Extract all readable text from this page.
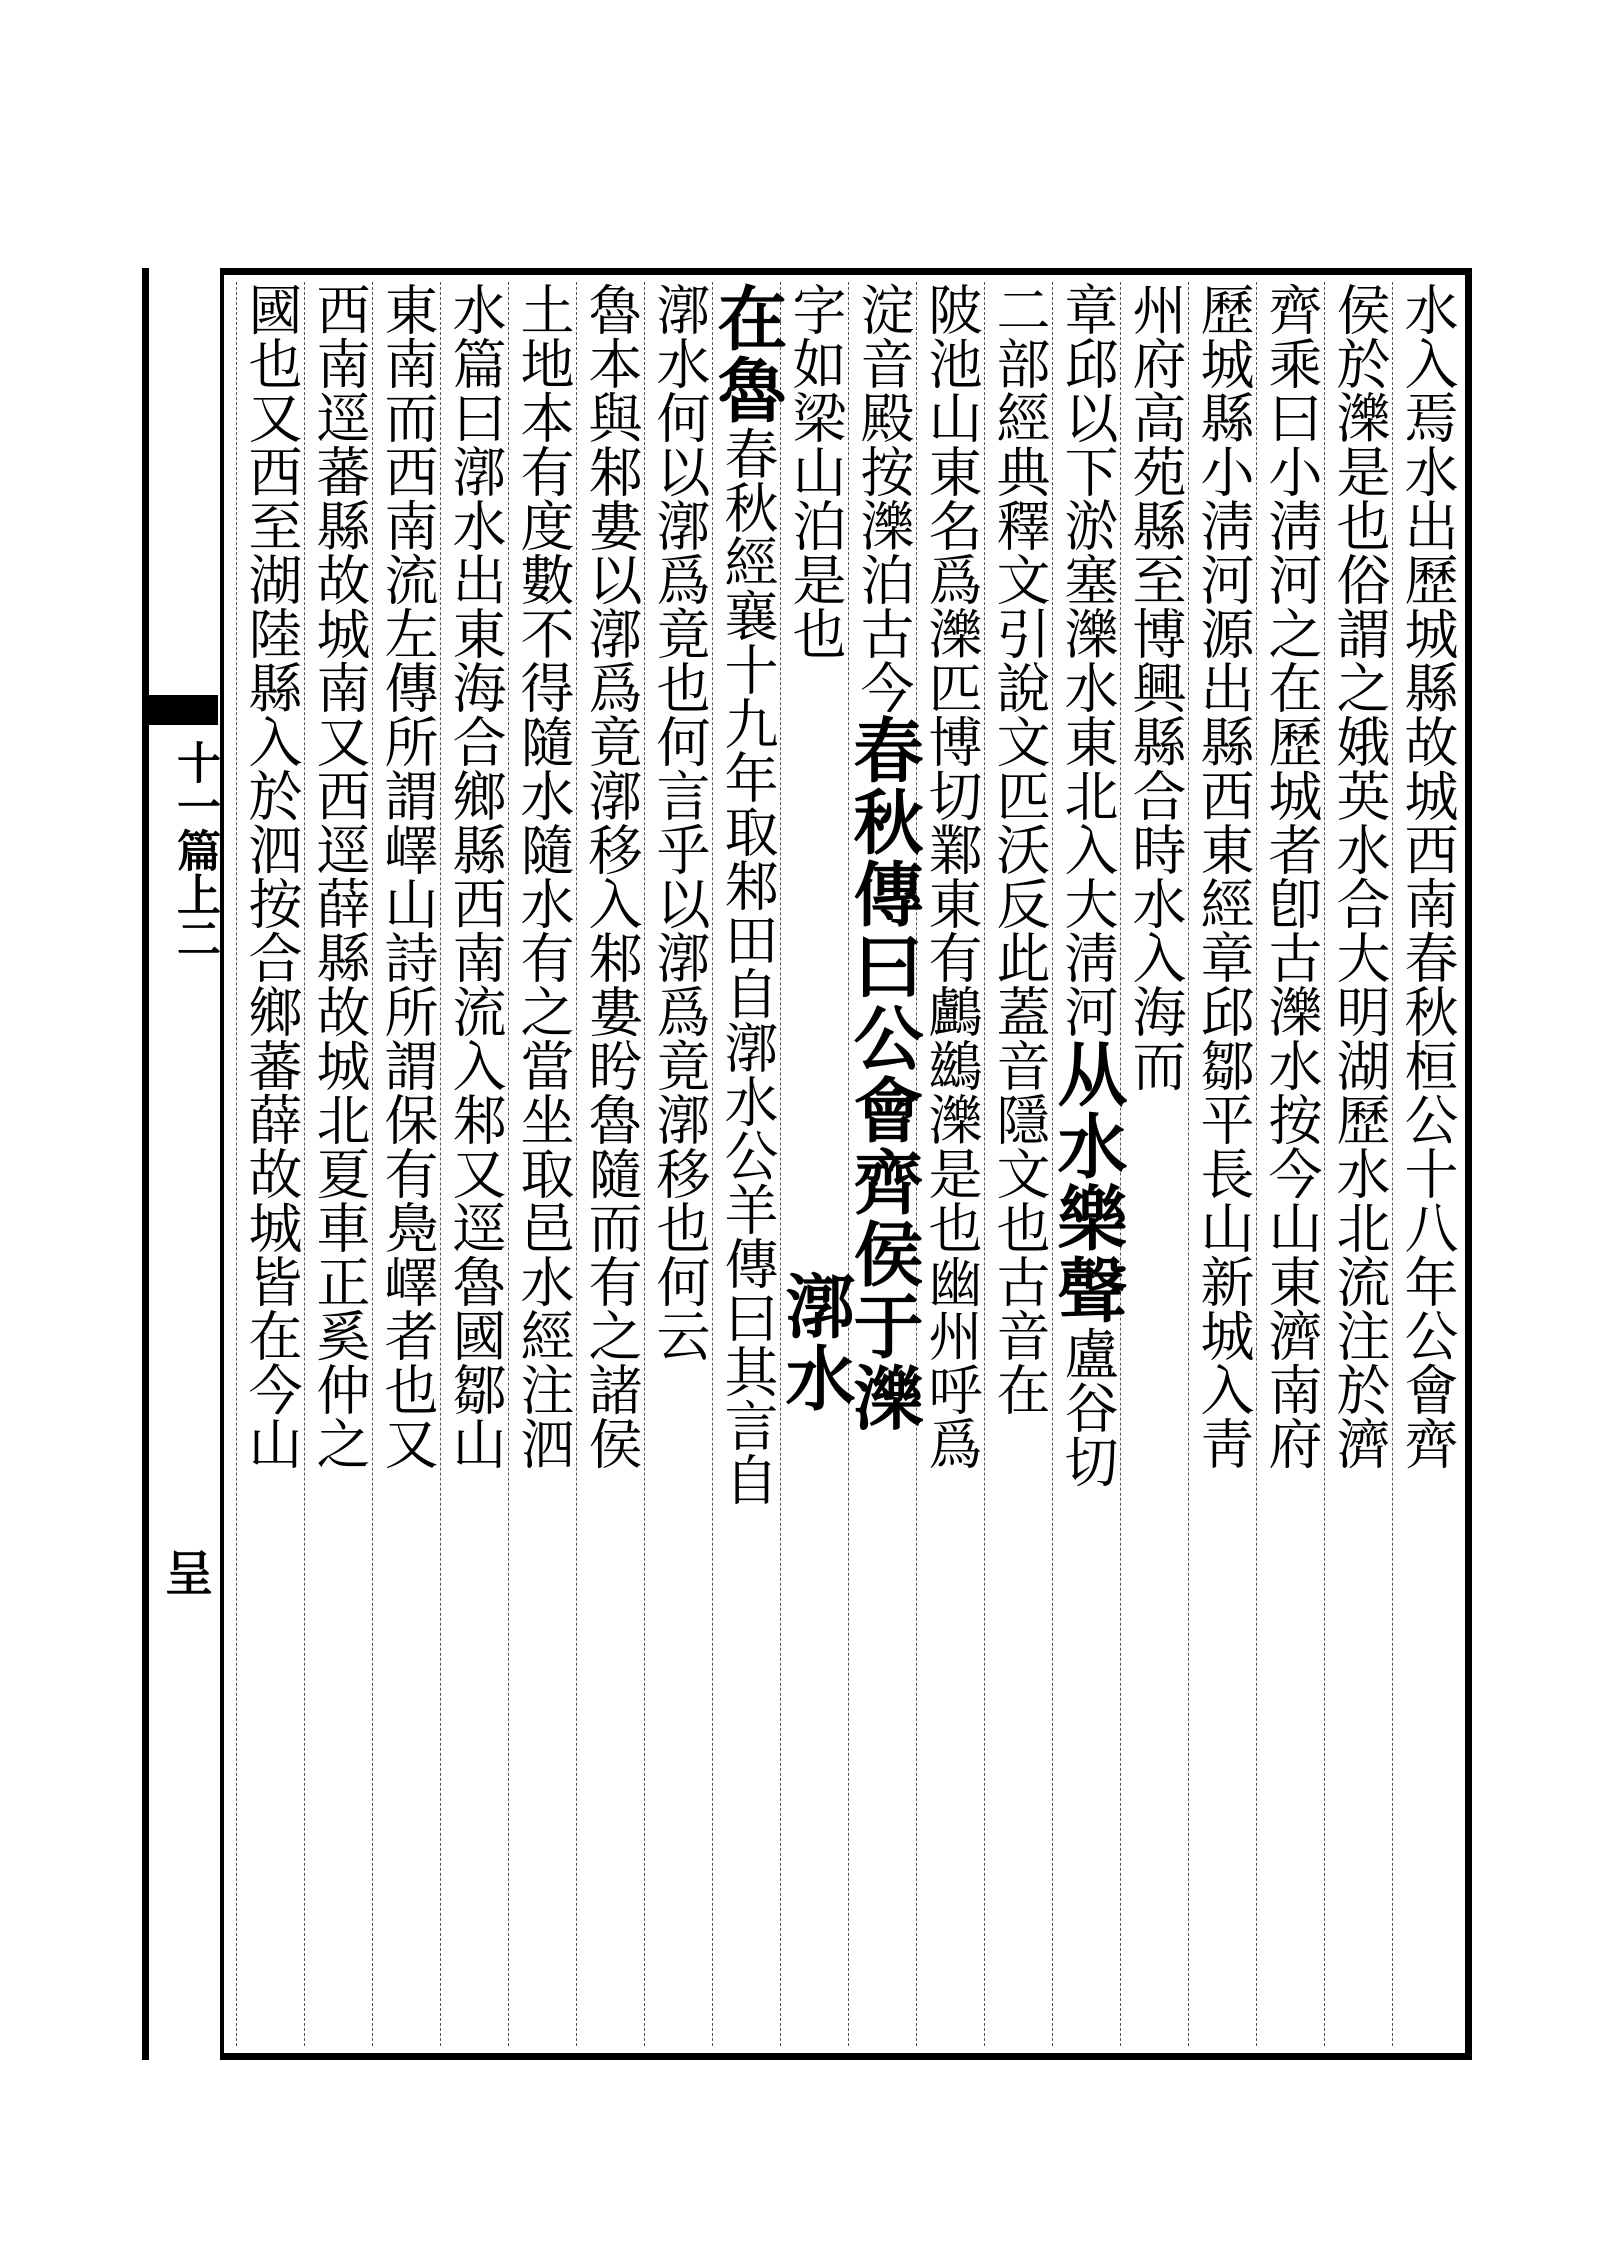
十一篇上二
呈
水入焉水出歷城縣故城西南春秋桓公十八年公會齊
侯於濼是也俗謂之娥英水合大明湖歷水北流注於濟
齊乘曰小淸河之在歷城者卽古濼水按今山東濟南府
歷城縣小淸河源出縣西東經章邱鄒平長山新城入靑
州府高苑縣至博興縣合時水入海而
章邱以下淤塞濼水東北入大淸河从水樂聲盧谷切
二部經典釋文引說文匹沃反此蓋音隱文也古音在
陂池山東名爲濼匹博切鄴東有鸕鷀濼是也幽州呼爲
淀音殿按濼泊古今春秋傳曰公會齊侯于濼
字如梁山泊是也漷水
在魯春秋經襄十九年取邾田自漷水公羊傳曰其言自
漷水何以漷爲竟也何言乎以漷爲竟漷移也何云
魯本與邾婁以漷爲竟漷移入邾婁盻魯隨而有之諸侯
土地本有度數不得隨水隨水有之當坐取邑水經注泗
水篇曰漷水出東海合鄉縣西南流入邾又逕魯國鄒山
東南而西南流左傳所謂嶧山詩所謂保有鳧嶧者也又
西南逕蕃縣故城南又西逕薛縣故城北夏車正奚仲之
國也又西至湖陸縣入於泗按合鄉蕃薛故城皆在今山
